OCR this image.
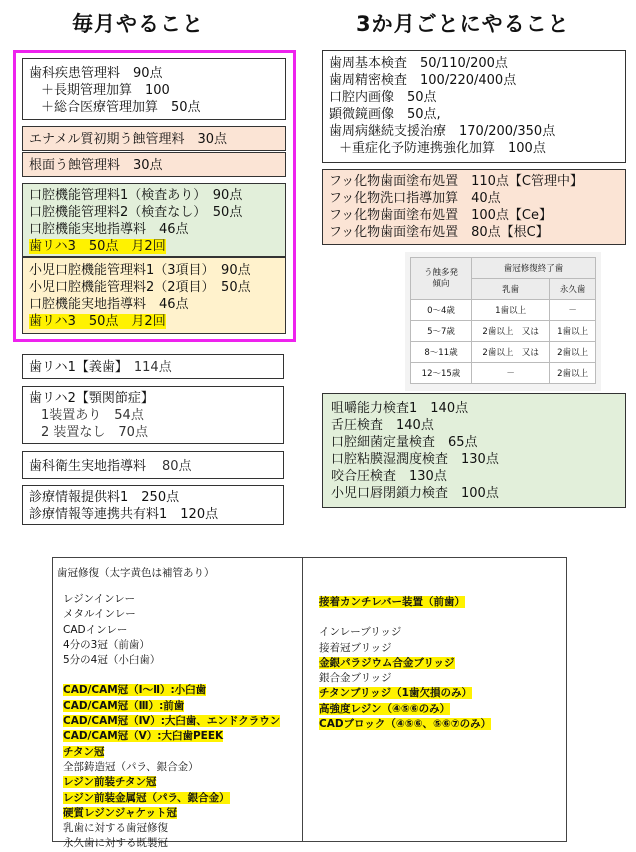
毎月やること	3か月ごとにやること
歯科疾患管理料　90点
＋長期管理加算　100
＋総合医療管理加算　50点
エナメル質初期う蝕管理料　30点
根面う蝕管理料　30点
口腔機能管理料1（検査あり）　90点
口腔機能管理料2（検査なし）　50点
口腔機能実地指導料　46点
歯リハ3　50点　月2回
小児口腔機能管理料1（3項目）　90点
小児口腔機能管理料2（2項目）　50点
口腔機能実地指導料　46点
歯リハ3　50点　月2回
歯リハ1【義歯】 114点
歯リハ2【顎関節症】
1装置あり　54点
2 装置なし　70点
歯科衛生実地指導料 80点
診療情報提供料1　250点
診療情報等連携共有料1　120点
歯周基本検査　50/110/200点
歯周精密検査　100/220/400点
口腔内画像　50点
顕微鏡画像　50点,
歯周病継続支援治療　170/200/350点
＋重症化予防連携強化加算　100点
フッ化物歯面塗布処置　110点【C管理中】
フッ化物洗口指導加算　40点
フッ化物歯面塗布処置　100点【Ce】
フッ化物歯面塗布処置　80点【根C】
う蝕多発
傾向	歯冠修復終了歯	
	乳歯	永久歯
0～4歳	1歯以上	－
5～7歳	2歯以上　又は	1歯以上
8～11歳	2歯以上　又は	2歯以上
12～15歳	－	2歯以上
咀嚼能力検査1　140点
舌圧検査　140点
口腔細菌定量検査　65点
口腔粘膜湿潤度検査　130点
咬合圧検査　130点
小児口唇閉鎖力検査　100点
歯冠修復（太字黄色は補管あり）
レジンインレー
メタルインレー
CADインレー
4分の3冠（前歯）
5分の4冠（小臼歯）
CAD/CAM冠（Ⅰ～Ⅱ）:小臼歯
CAD/CAM冠（Ⅲ）:前歯
CAD/CAM冠（Ⅳ）:大臼歯、エンドクラウン
CAD/CAM冠（Ⅴ）:大臼歯PEEK
チタン冠
全部鋳造冠（パラ、銀合金）
レジン前装チタン冠
レジン前装金属冠（パラ、銀合金）
硬質レジンジャケット冠
乳歯に対する歯冠修復
永久歯に対する既製冠
接着カンチレバー装置（前歯）
インレーブリッジ
接着冠ブリッジ
金銀パラジウム合金ブリッジ
銀合金ブリッジ
チタンブリッジ（1歯欠損のみ）
高強度レジン（④⑤⑥のみ）
CADブロック（④⑤⑥、⑤⑥⑦のみ）
